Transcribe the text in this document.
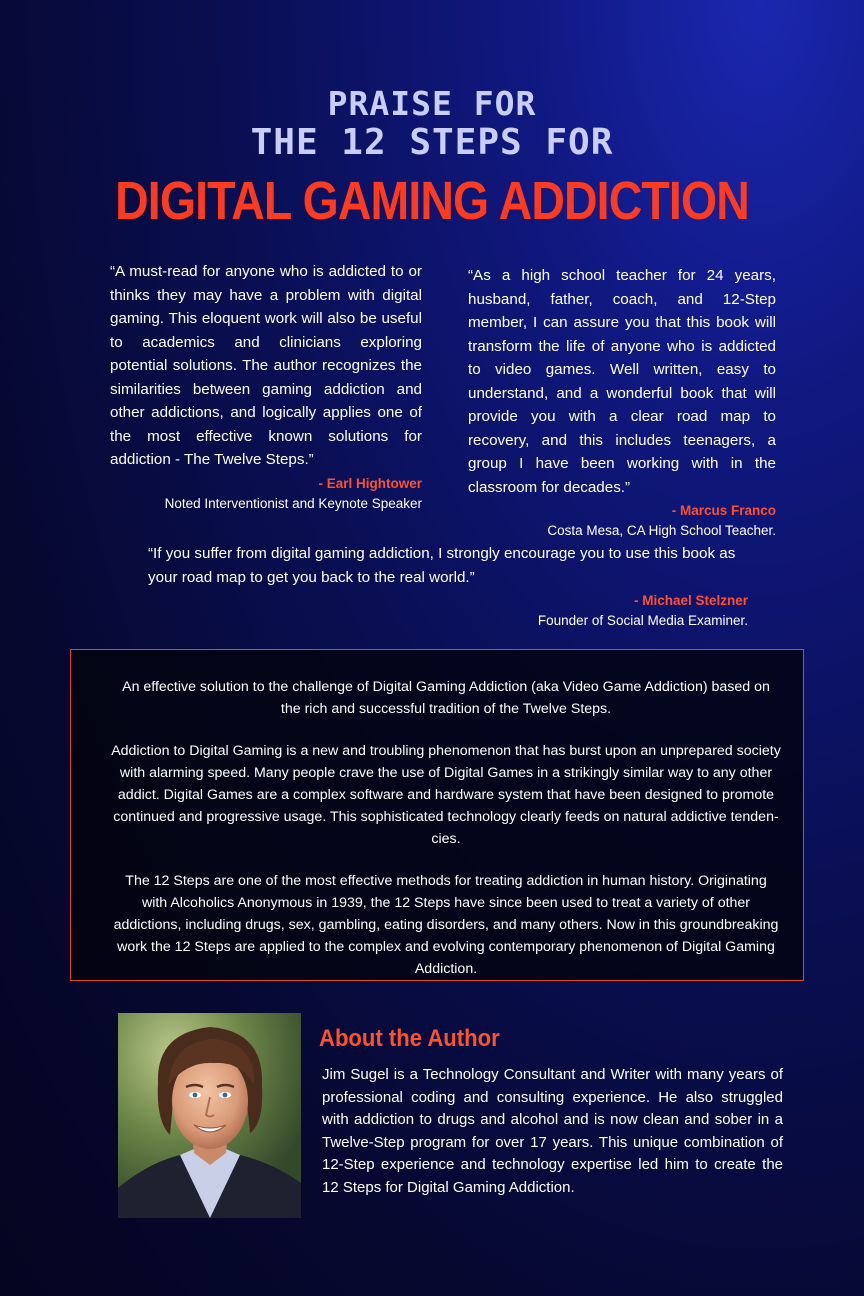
PRAISE FOR
THE 12 STEPS FOR
DIGITAL GAMING ADDICTION
“A must-read for anyone who is addicted to or thinks they may have a problem with digital gaming. This eloquent work will also be useful to academics and clinicians exploring potential solutions. The author recognizes the similarities between gaming addiction and other addictions, and logically applies one of the most effective known solutions for addiction - The Twelve Steps.”
- Earl Hightower
Noted Interventionist and Keynote Speaker
“As a high school teacher for 24 years, husband, father, coach, and 12-Step member, I can assure you that this book will transform the life of anyone who is addicted to video games. Well written, easy to understand, and a wonderful book that will provide you with a clear road map to recovery, and this includes teenagers, a group I have been working with in the classroom for decades.”
- Marcus Franco
Costa Mesa, CA High School Teacher.
“If you suffer from digital gaming addiction, I strongly encourage you to use this book as your road map to get you back to the real world.”
- Michael Stelzner
Founder of Social Media Examiner.

An effective solution to the challenge of Digital Gaming Addiction (aka Video Game Addiction) based on the rich and successful tradition of the Twelve Steps.

Addiction to Digital Gaming is a new and troubling phenomenon that has burst upon an unprepared society with alarming speed. Many people crave the use of Digital Games in a strikingly similar way to any other addict. Digital Games are a complex software and hardware system that have been designed to promote continued and progressive usage. This sophisticated technology clearly feeds on natural addictive tenden-cies.

The 12 Steps are one of the most effective methods for treating addiction in human history. Originating with Alcoholics Anonymous in 1939, the 12 Steps have since been used to treat a variety of other addictions, including drugs, sex, gambling, eating disorders, and many others. Now in this groundbreaking work the 12 Steps are applied to the complex and evolving contemporary phenomenon of Digital Gaming Addiction.

About the Author
Jim Sugel is a Technology Consultant and Writer with many years of professional coding and consulting experience. He also struggled with addiction to drugs and alcohol and is now clean and sober in a Twelve-Step program for over 17 years. This unique combination of 12-Step experience and technology expertise led him to create the 12 Steps for Digital Gaming Addiction.
